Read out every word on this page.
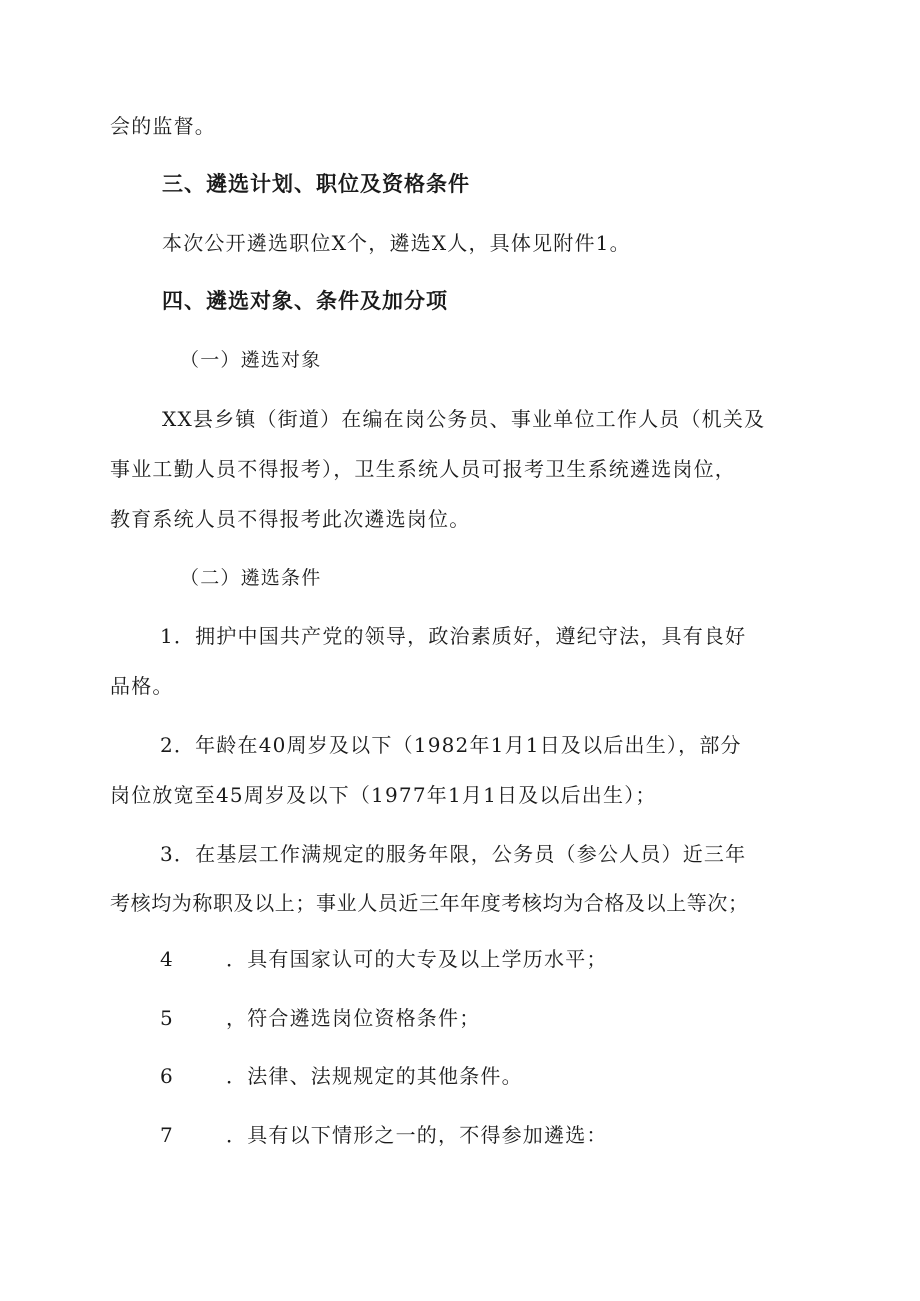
会的监督。
三、遴选计划、职位及资格条件
本次公开遴选职位X个，遴选X人，具体见附件1。
四、遴选对象、条件及加分项
（一）遴选对象
XX县乡镇（街道）在编在岗公务员、事业单位工作人员（机关及
事业工勤人员不得报考），卫生系统人员可报考卫生系统遴选岗位，
教育系统人员不得报考此次遴选岗位。
（二）遴选条件
1．拥护中国共产党的领导，政治素质好，遵纪守法，具有良好
品格。
2．年龄在40周岁及以下（1982年1月1日及以后出生），部分
岗位放宽至45周岁及以下（1977年1月1日及以后出生）；
3．在基层工作满规定的服务年限，公务员（参公人员）近三年
考核均为称职及以上；事业人员近三年年度考核均为合格及以上等次；
4	．具有国家认可的大专及以上学历水平；
5	，符合遴选岗位资格条件；
6	．法律、法规规定的其他条件。
7	．具有以下情形之一的，不得参加遴选：
